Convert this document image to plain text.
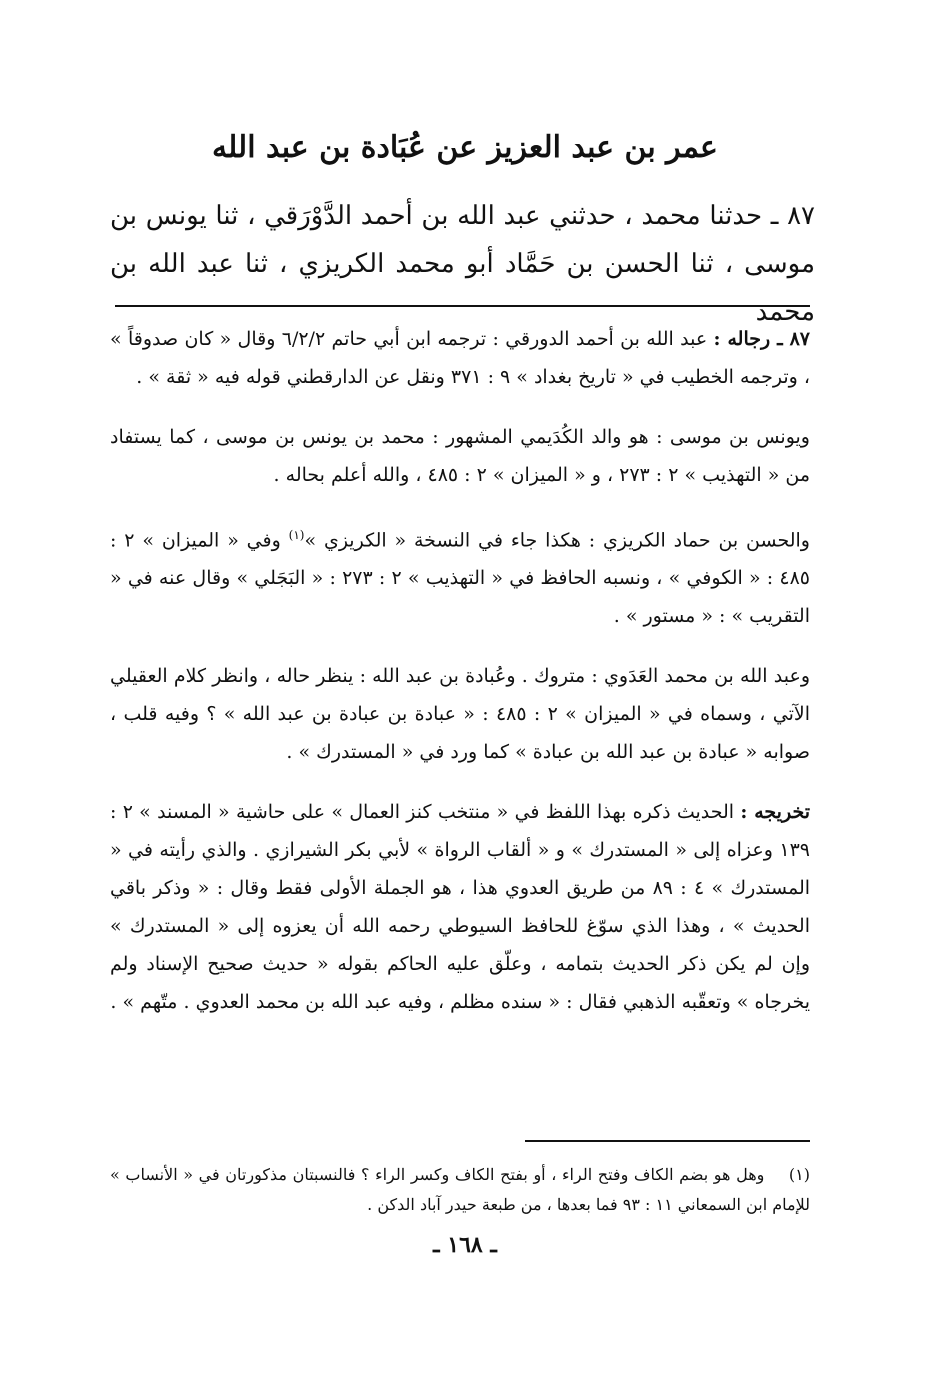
عمر بن عبد العزيز عن عُبَادة بن عبد الله

٨٧ ـ حدثنا محمد ، حدثني عبد الله بن أحمد الدَّوْرَقي ، ثنا يونس بن موسى ، ثنا الحسن بن حَمَّاد أبو محمد الكريزي ، ثنا عبد الله بن محمد

٨٧ ـ رجاله : عبد الله بن أحمد الدورقي : ترجمه ابن أبي حاتم ٦/٢/٢ وقال « كان صدوقاً » ، وترجمه الخطيب في « تاريخ بغداد » ٩ : ٣٧١ ونقل عن الدارقطني قوله فيه « ثقة » .

ويونس بن موسى : هو والد الكُدَيمي المشهور : محمد بن يونس بن موسى ، كما يستفاد من « التهذيب » ٢ : ٢٧٣ ، و « الميزان » ٢ : ٤٨٥ ، والله أعلم بحاله .

والحسن بن حماد الكريزي : هكذا جاء في النسخة « الكريزي »$^{(١)}$ وفي « الميزان » ٢ : ٤٨٥ : « الكوفي » ، ونسبه الحافظ في « التهذيب » ٢ : ٢٧٣ : « البَجَلي » وقال عنه في « التقريب » : « مستور » .

وعبد الله بن محمد العَدَوي : متروك . وعُبادة بن عبد الله : ينظر حاله ، وانظر كلام العقيلي الآتي ، وسماه في « الميزان » ٢ : ٤٨٥ : « عبادة بن عبادة بن عبد الله » ؟ وفيه قلب ، صوابه « عبادة بن عبد الله بن عبادة » كما ورد في « المستدرك » .

تخريجه : الحديث ذكره بهذا اللفظ في « منتخب كنز العمال » على حاشية « المسند » ٢ : ١٣٩ وعزاه إلى « المستدرك » و « ألقاب الرواة » لأبي بكر الشيرازي . والذي رأيته في « المستدرك » ٤ : ٨٩ من طريق العدوي هذا ، هو الجملة الأولى فقط وقال : « وذكر باقي الحديث » ، وهذا الذي سوّغ للحافظ السيوطي رحمه الله أن يعزوه إلى « المستدرك » وإن لم يكن ذكر الحديث بتمامه ، وعلّق عليه الحاكم بقوله « حديث صحيح الإسناد ولم يخرجاه » وتعقّبه الذهبي فقال : « سنده مظلم ، وفيه عبد الله بن محمد العدوي . متّهم » .

(١) وهل هو بضم الكاف وفتح الراء ، أو بفتح الكاف وكسر الراء ؟ فالنسبتان مذكورتان في « الأنساب » للإمام ابن السمعاني ١١ : ٩٣ فما بعدها ، من طبعة حيدر آباد الدكن .
ـ ١٦٨ ـ
